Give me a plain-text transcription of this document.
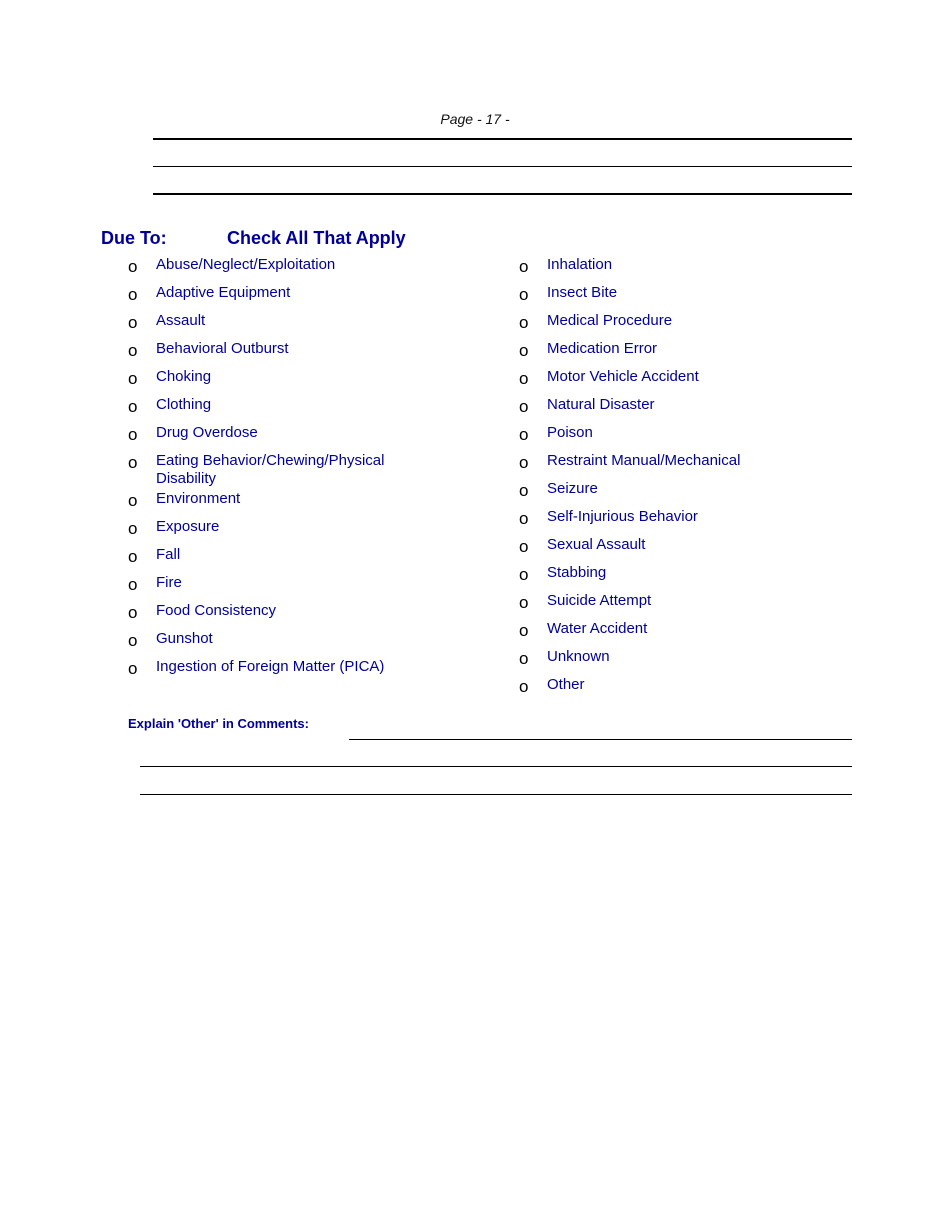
Page - 17 -
Due To:	Check All That Apply
o	Abuse/Neglect/Exploitation
o	Adaptive Equipment
o	Assault
o	Behavioral Outburst
o	Choking
o	Clothing
o	Drug Overdose
o	Eating Behavior/Chewing/Physical Disability
o	Environment
o	Exposure
o	Fall
o	Fire
o	Food Consistency
o	Gunshot
o	Ingestion of Foreign Matter (PICA)
o	Inhalation
o	Insect Bite
o	Medical Procedure
o	Medication Error
o	Motor Vehicle Accident
o	Natural Disaster
o	Poison
o	Restraint Manual/Mechanical
o	Seizure
o	Self-Injurious Behavior
o	Sexual Assault
o	Stabbing
o	Suicide Attempt
o	Water Accident
o	Unknown
o	Other
Explain 'Other' in Comments:
